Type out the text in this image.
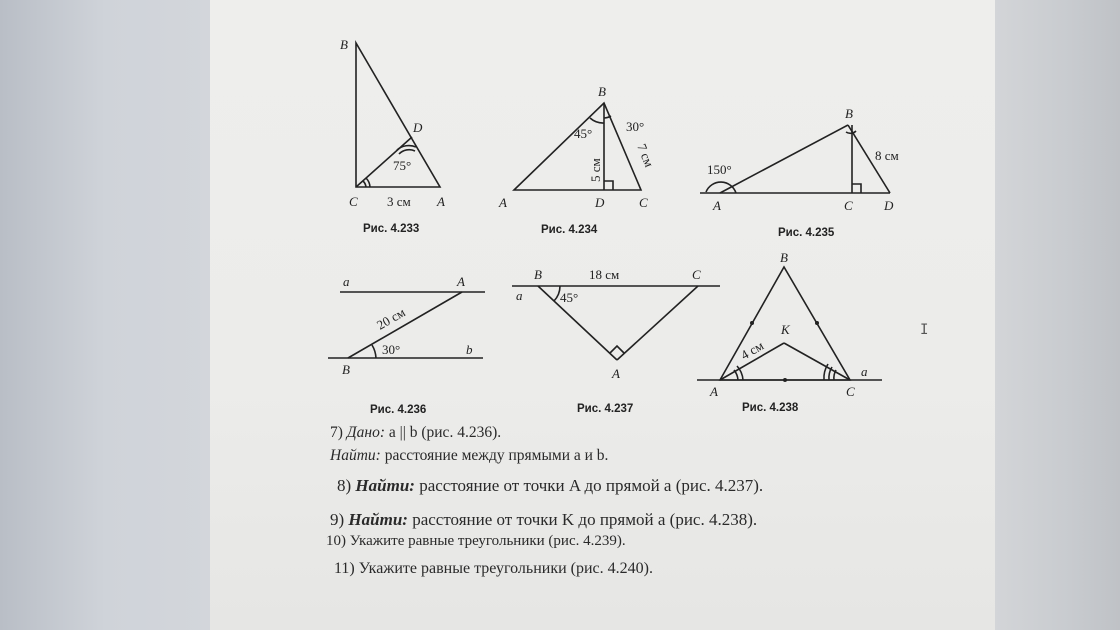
B
D
75°
C 3 см A
Рис. 4.233
B
45°	30°
5 см
7 см
A	D	C
Рис. 4.234
B
8 см
150°
A	C D
Рис. 4.235
a	A
20 см
30°	b
B
Рис. 4.236
B	18 см	C
a	45°
A
Рис. 4.237
B
K
4 см
a
A	C
Рис. 4.238
7) Дано: a || b (рис. 4.236).
Найти: расстояние между прямыми a и b.
8) Найти: расстояние от точки A до прямой a (рис. 4.237).
9) Найти: расстояние от точки K до прямой a (рис. 4.238).
10) Укажите равные треугольники (рис. 4.239).
11) Укажите равные треугольники (рис. 4.240).
I
